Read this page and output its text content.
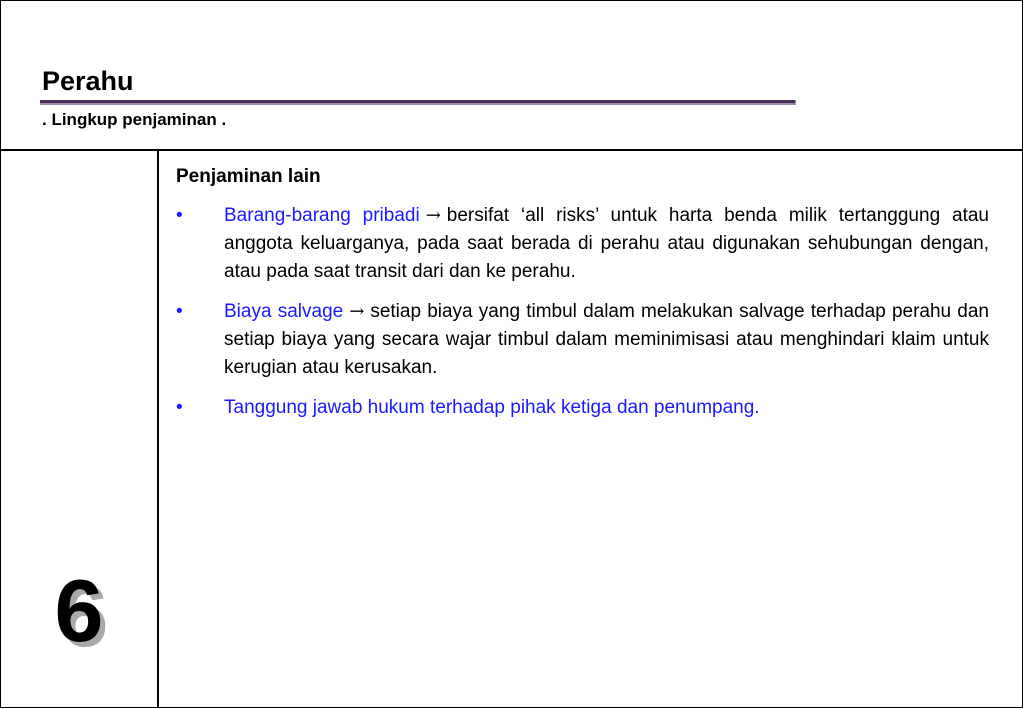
Perahu
. Lingkup penjaminan .
6
Penjaminan lain
• Barang-barang pribadi → bersifat ‘all risks’ untuk harta benda milik tertanggung atau anggota keluarganya, pada saat berada di perahu atau digunakan sehubungan dengan, atau pada saat transit dari dan ke perahu.
• Biaya salvage → setiap biaya yang timbul dalam melakukan salvage terhadap perahu dan setiap biaya yang secara wajar timbul dalam meminimisasi atau menghindari klaim untuk kerugian atau kerusakan.
• Tanggung jawab hukum terhadap pihak ketiga dan penumpang.
